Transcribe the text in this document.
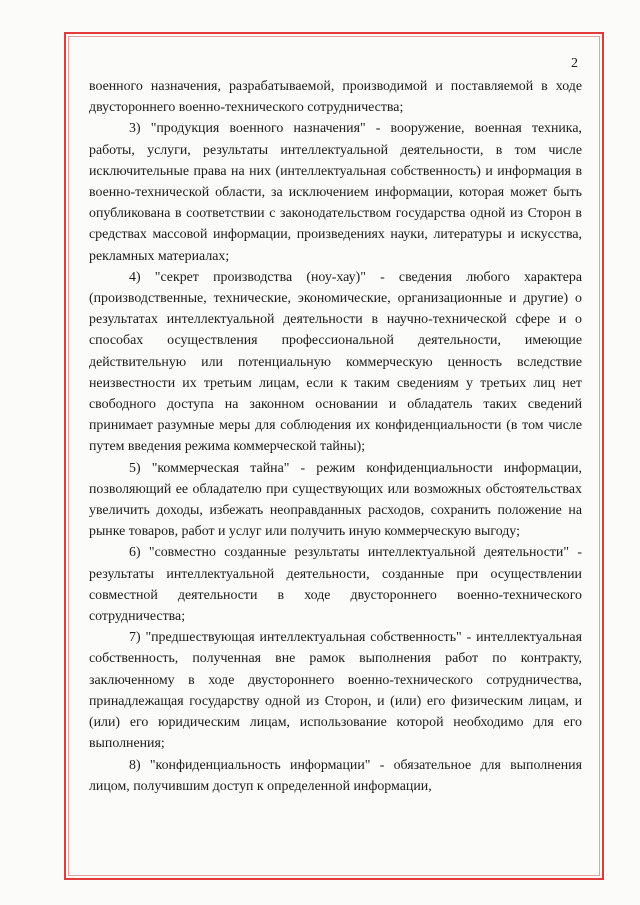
2

военного назначения, разрабатываемой, производимой и поставляемой в ходе двустороннего военно-технического сотрудничества;

3) "продукция военного назначения" - вооружение, военная техника, работы, услуги, результаты интеллектуальной деятельности, в том числе исключительные права на них (интеллектуальная собственность) и информация в военно-технической области, за исключением информации, которая может быть опубликована в соответствии с законодательством государства одной из Сторон в средствах массовой информации, произведениях науки, литературы и искусства, рекламных материалах;

4) "секрет производства (ноу-хау)" - сведения любого характера (производственные, технические, экономические, организационные и другие) о результатах интеллектуальной деятельности в научно-технической сфере и о способах осуществления профессиональной деятельности, имеющие действительную или потенциальную коммерческую ценность вследствие неизвестности их третьим лицам, если к таким сведениям у третьих лиц нет свободного доступа на законном основании и обладатель таких сведений принимает разумные меры для соблюдения их конфиденциальности (в том числе путем введения режима коммерческой тайны);

5) "коммерческая тайна" - режим конфиденциальности информации, позволяющий ее обладателю при существующих или возможных обстоятельствах увеличить доходы, избежать неоправданных расходов, сохранить положение на рынке товаров, работ и услуг или получить иную коммерческую выгоду;

6) "совместно созданные результаты интеллектуальной деятельности" - результаты интеллектуальной деятельности, созданные при осуществлении совместной деятельности в ходе двустороннего военно-технического сотрудничества;

7) "предшествующая интеллектуальная собственность" - интеллектуальная собственность, полученная вне рамок выполнения работ по контракту, заключенному в ходе двустороннего военно-технического сотрудничества, принадлежащая государству одной из Сторон, и (или) его физическим лицам, и (или) его юридическим лицам, использование которой необходимо для его выполнения;

8) "конфиденциальность информации" - обязательное для выполнения лицом, получившим доступ к определенной информации,
